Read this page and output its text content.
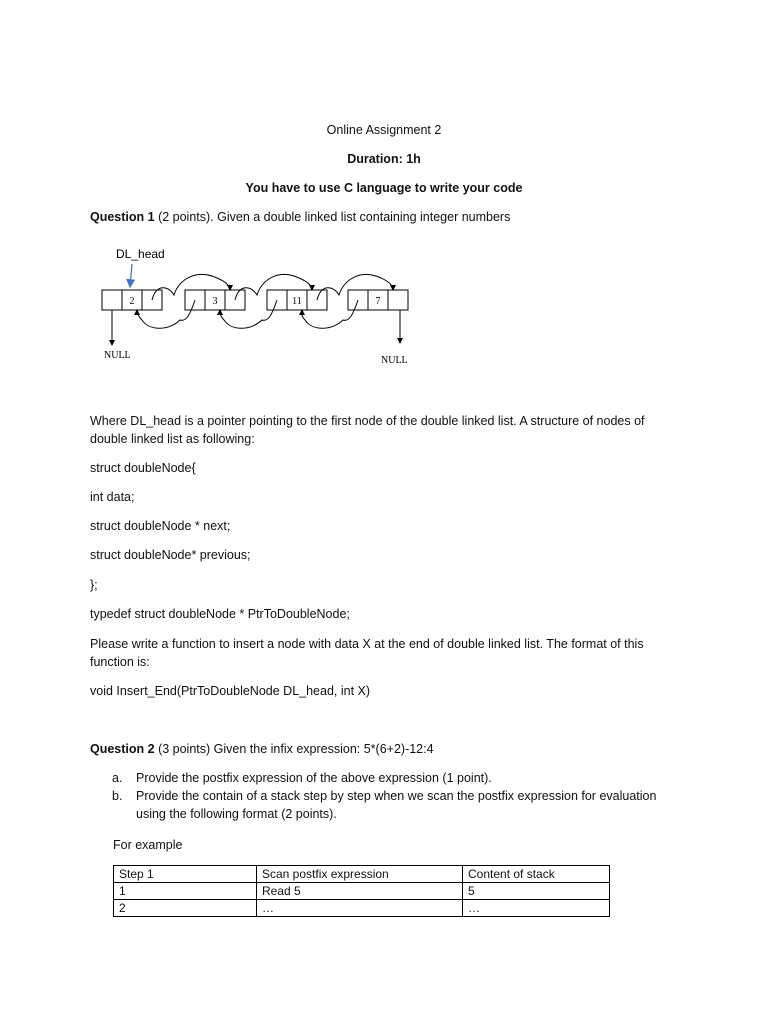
Online Assignment 2
Duration: 1h
You have to use C language to write your code
Question 1 (2 points). Given a double linked list containing integer numbers
DL_head
2	3	11	7
NULL	NULL
Where DL_head is a pointer pointing to the first node of the double linked list. A structure of nodes of double linked list as following:
struct doubleNode{
int data;
struct doubleNode * next;
struct doubleNode* previous;
};
typedef struct doubleNode * PtrToDoubleNode;
Please write a function to insert a node with data X at the end of double linked list. The format of this function is:
void Insert_End(PtrToDoubleNode DL_head, int X)
Question 2 (3 points) Given the infix expression: 5*(6+2)-12:4
a. Provide the postfix expression of the above expression (1 point).
b. Provide the contain of a stack step by step when we scan the postfix expression for evaluation using the following format (2 points).
For example
Step 1	Scan postfix expression	Content of stack
1	Read 5	5
2	…	…
